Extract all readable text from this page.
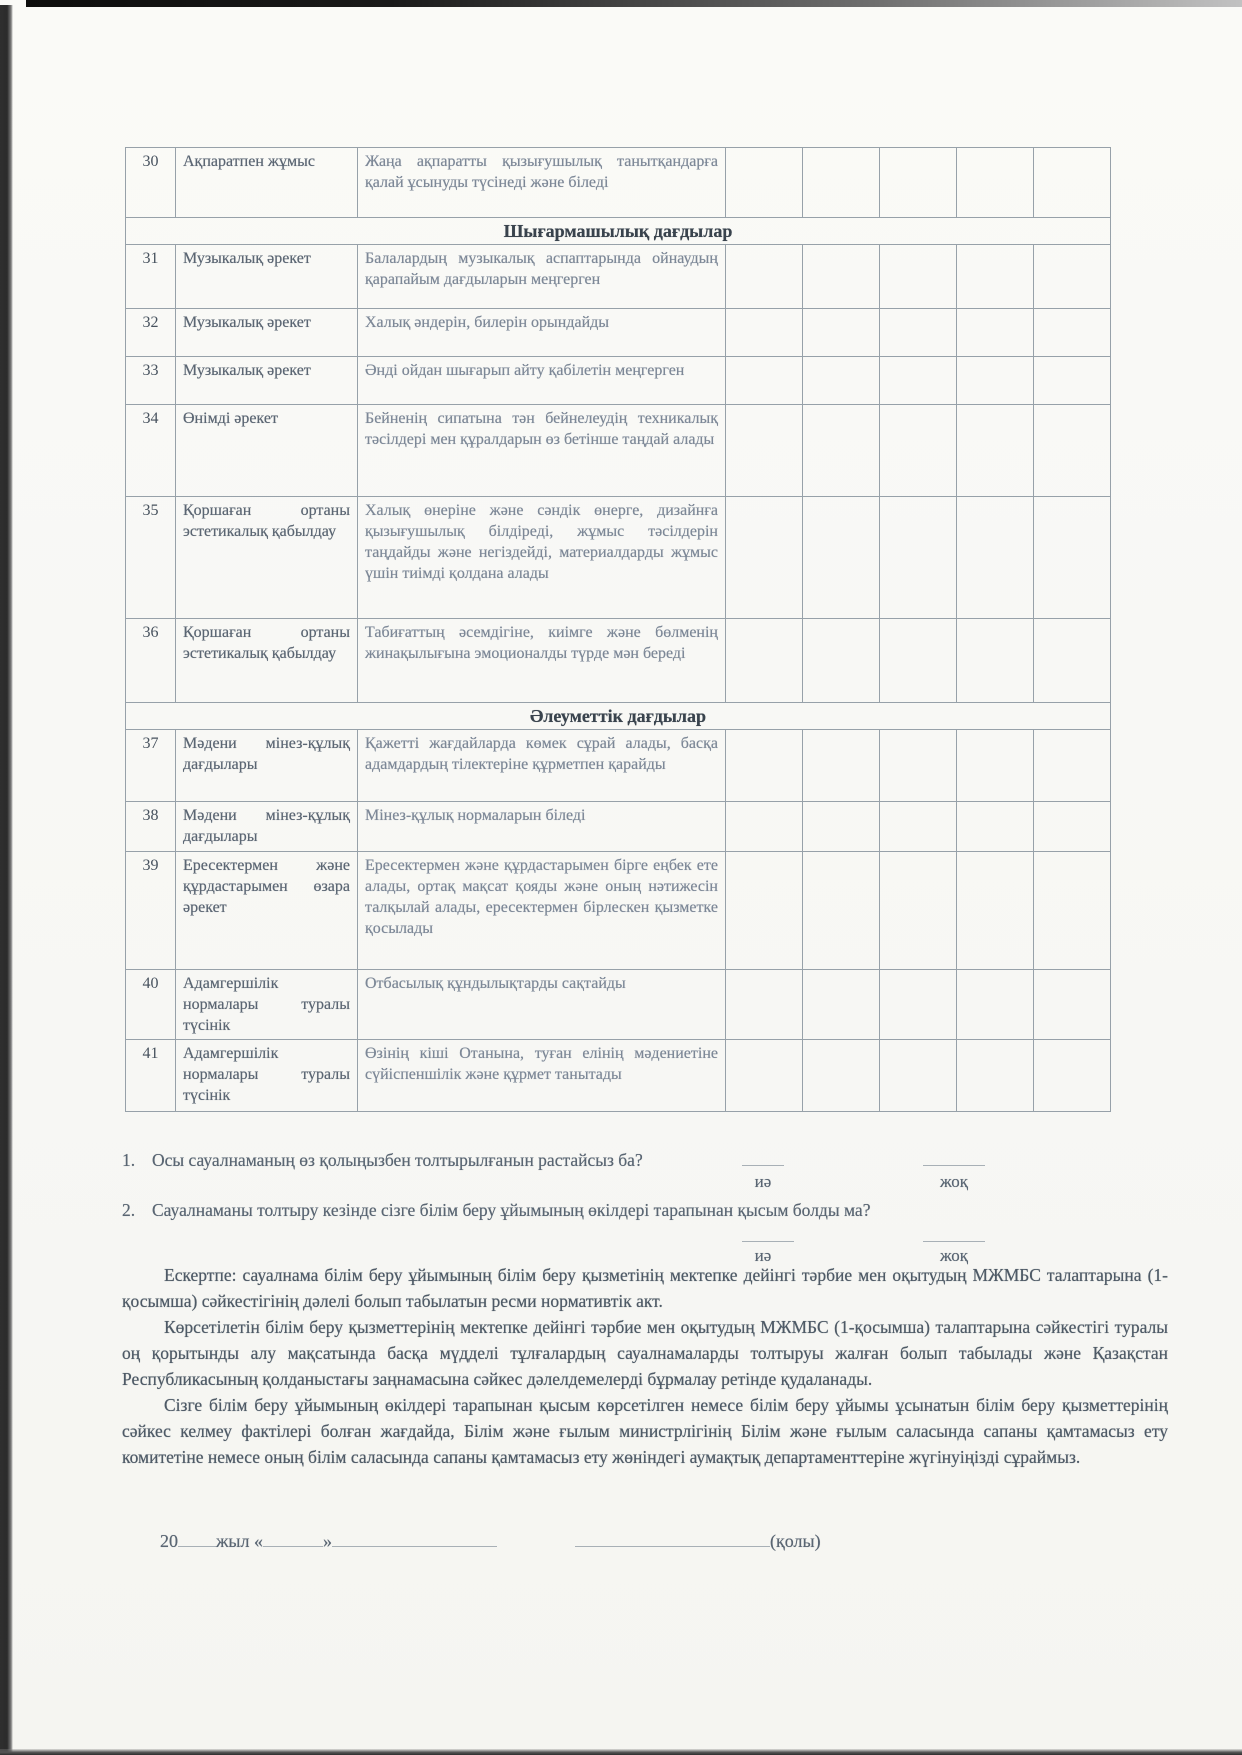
30	Ақпаратпен жұмыс	Жаңа ақпаратты қызығушылық танытқандарға қалай ұсынуды түсінеді және біледі					
Шығармашылық дағдылар							
31	Музыкалық әрекет	Балалардың музыкалық аспаптарында ойнаудың қарапайым дағдыларын меңгерген					
32	Музыкалық әрекет	Халық әндерін, билерін орындайды					
33	Музыкалық әрекет	Әнді ойдан шығарып айту қабілетін меңгерген					
34	Өнімді әрекет	Бейненің сипатына тән бейнелеудің техникалық тәсілдері мен құралдарын өз бетінше таңдай алады					
35	Қоршаған ортаны эстетикалық қабылдау	Халық өнеріне және сәндік өнерге, дизайнға қызығушылық білдіреді, жұмыс тәсілдерін таңдайды және негіздейді, материалдарды жұмыс үшін тиімді қолдана алады					
36	Қоршаған ортаны эстетикалық қабылдау	Табиғаттың әсемдігіне, киімге және бөлменің жинақылығына эмоционалды түрде мән береді					
Әлеуметтік дағдылар							
37	Мәдени мінез-құлық дағдылары	Қажетті жағдайларда көмек сұрай алады, басқа адамдардың тілектеріне құрметпен қарайды					
38	Мәдени мінез-құлық дағдылары	Мінез-құлық нормаларын біледі					
39	Ересектермен және құрдастарымен өзара әрекет	Ересектермен және құрдастарымен бірге еңбек ете алады, ортақ мақсат қояды және оның нәтижесін талқылай алады, ересектермен бірлескен қызметке қосылады					
40	Адамгершілік нормалары туралы түсінік	Отбасылық құндылықтарды сақтайды					
41	Адамгершілік нормалары туралы түсінік	Өзінің кіші Отанына, туған елінің мәдениетіне сүйіспеншілік және құрмет танытады					
1. Осы сауалнаманың өз қолыңызбен толтырылғанын растайсыз ба?
иә	жоқ
2. Сауалнаманы толтыру кезінде сізге білім беру ұйымының өкілдері тарапынан қысым болды ма?
иә	жоқ

Ескертпе: сауалнама білім беру ұйымының білім беру қызметінің мектепке дейінгі тәрбие мен оқытудың МЖМБС талаптарына (1-қосымша) сәйкестігінің дәлелі болып табылатын ресми нормативтік акт.

Көрсетілетін білім беру қызметтерінің мектепке дейінгі тәрбие мен оқытудың МЖМБС (1-қосымша) талаптарына сәйкестігі туралы оң қорытынды алу мақсатында басқа мүдделі тұлғалардың сауалнамаларды толтыруы жалған болып табылады және Қазақстан Республикасының қолданыстағы заңнамасына сәйкес дәлелдемелерді бұрмалау ретінде қудаланады.

Сізге білім беру ұйымының өкілдері тарапынан қысым көрсетілген немесе білім беру ұйымы ұсынатын білім беру қызметтерінің сәйкес келмеу фактілері болған жағдайда, Білім және ғылым министрлігінің Білім және ғылым саласында сапаны қамтамасыз ету комитетіне немесе оның білім саласында сапаны қамтамасыз ету жөніндегі аумақтық департаменттеріне жүгінуіңізді сұраймыз.

20 жыл «	»	(қолы)
